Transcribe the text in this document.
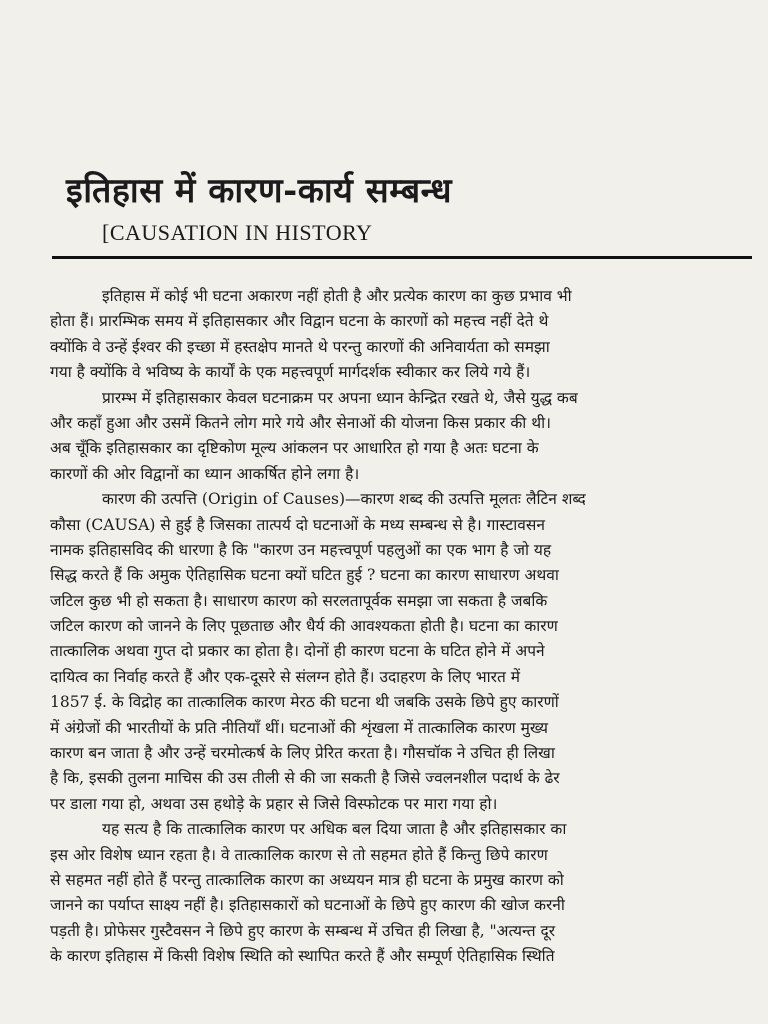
इतिहास में कारण-कार्य सम्बन्ध
[CAUSATION IN HISTORY
इतिहास में कोई भी घटना अकारण नहीं होती है और प्रत्येक कारण का कुछ प्रभाव भी
होता हैं। प्रारम्भिक समय में इतिहासकार और विद्वान घटना के कारणों को महत्त्व नहीं देते थे
क्योंकि वे उन्हें ईश्वर की इच्छा में हस्तक्षेप मानते थे परन्तु कारणों की अनिवार्यता को समझा
गया है क्योंकि वे भविष्य के कार्यों के एक महत्त्वपूर्ण मार्गदर्शक स्वीकार कर लिये गये हैं।
प्रारम्भ में इतिहासकार केवल घटनाक्रम पर अपना ध्यान केन्द्रित रखते थे, जैसे युद्ध कब
और कहाँ हुआ और उसमें कितने लोग मारे गये और सेनाओं की योजना किस प्रकार की थी।
अब चूँकि इतिहासकार का दृष्टिकोण मूल्य आंकलन पर आधारित हो गया है अतः घटना के
कारणों की ओर विद्वानों का ध्यान आकर्षित होने लगा है।
कारण की उत्पत्ति (Origin of Causes)—कारण शब्द की उत्पत्ति मूलतः लैटिन शब्द
कौसा (CAUSA) से हुई है जिसका तात्पर्य दो घटनाओं के मध्य सम्बन्ध से है। गास्टावसन
नामक इतिहासविद की धारणा है कि "कारण उन महत्त्वपूर्ण पहलुओं का एक भाग है जो यह
सिद्ध करते हैं कि अमुक ऐतिहासिक घटना क्यों घटित हुई ? घटना का कारण साधारण अथवा
जटिल कुछ भी हो सकता है। साधारण कारण को सरलतापूर्वक समझा जा सकता है जबकि
जटिल कारण को जानने के लिए पूछताछ और धैर्य की आवश्यकता होती है। घटना का कारण
तात्कालिक अथवा गुप्त दो प्रकार का होता है। दोनों ही कारण घटना के घटित होने में अपने
दायित्व का निर्वाह करते हैं और एक-दूसरे से संलग्न होते हैं। उदाहरण के लिए भारत में
1857 ई. के विद्रोह का तात्कालिक कारण मेरठ की घटना थी जबकि उसके छिपे हुए कारणों
में अंग्रेजों की भारतीयों के प्रति नीतियाँ थीं। घटनाओं की शृंखला में तात्कालिक कारण मुख्य
कारण बन जाता है और उन्हें चरमोत्कर्ष के लिए प्रेरित करता है। गौसचॉक ने उचित ही लिखा
है कि, इसकी तुलना माचिस की उस तीली से की जा सकती है जिसे ज्वलनशील पदार्थ के ढेर
पर डाला गया हो, अथवा उस हथोड़े के प्रहार से जिसे विस्फोटक पर मारा गया हो।
यह सत्य है कि तात्कालिक कारण पर अधिक बल दिया जाता है और इतिहासकार का
इस ओर विशेष ध्यान रहता है। वे तात्कालिक कारण से तो सहमत होते हैं किन्तु छिपे कारण
से सहमत नहीं होते हैं परन्तु तात्कालिक कारण का अध्ययन मात्र ही घटना के प्रमुख कारण को
जानने का पर्याप्त साक्ष्य नहीं है। इतिहासकारों को घटनाओं के छिपे हुए कारण की खोज करनी
पड़ती है। प्रोफेसर गुस्टैवसन ने छिपे हुए कारण के सम्बन्ध में उचित ही लिखा है, "अत्यन्त दूर
के कारण इतिहास में किसी विशेष स्थिति को स्थापित करते हैं और सम्पूर्ण ऐतिहासिक स्थिति
